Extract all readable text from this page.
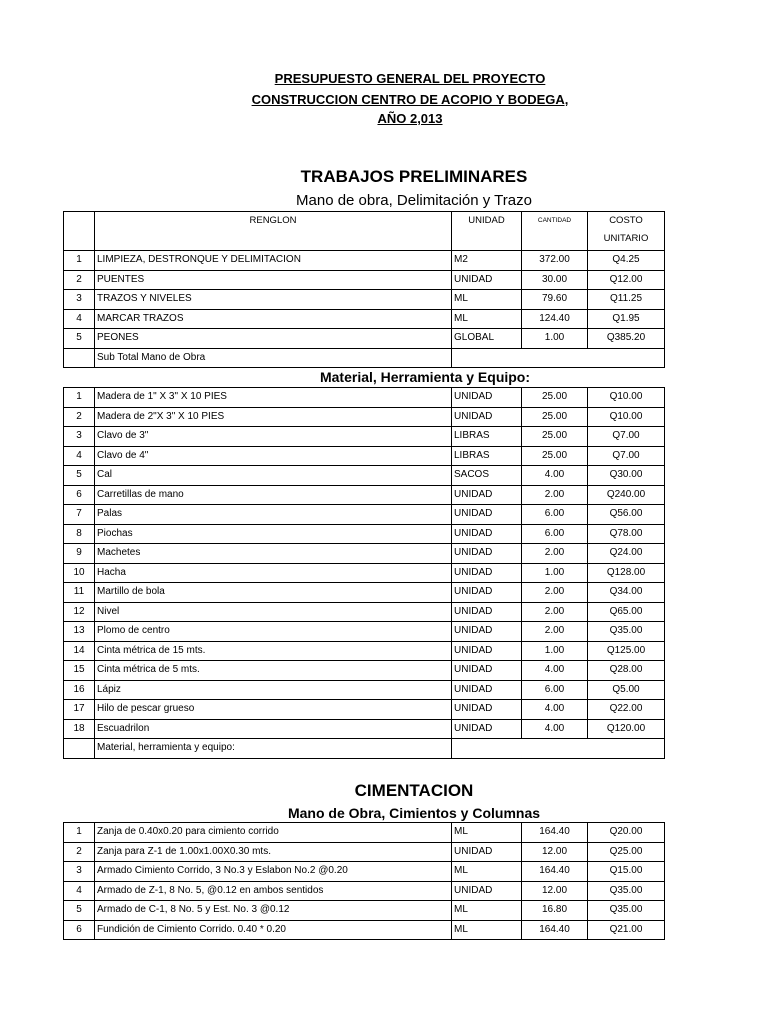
PRESUPUESTO GENERAL DEL PROYECTO
CONSTRUCCION CENTRO DE ACOPIO Y BODEGA,
AÑO 2,013
TRABAJOS PRELIMINARES
Mano de obra, Delimitación y Trazo
	RENGLON	UNIDAD	CANTIDAD	COSTO
UNITARIO
1	LIMPIEZA, DESTRONQUE Y DELIMITACION	M2	372.00	Q4.25
2	PUENTES	UNIDAD	30.00	Q12.00
3	TRAZOS Y NIVELES	ML	79.60	Q11.25
4	MARCAR TRAZOS	ML	124.40	Q1.95
5	PEONES	GLOBAL	1.00	Q385.20
	Sub Total Mano de Obra			
Material, Herramienta y Equipo:
1	Madera de 1" X 3" X 10 PIES	UNIDAD	25.00	Q10.00
2	Madera de 2"X 3" X 10 PIES	UNIDAD	25.00	Q10.00
3	Clavo de 3"	LIBRAS	25.00	Q7.00
4	Clavo de 4"	LIBRAS	25.00	Q7.00
5	Cal	SACOS	4.00	Q30.00
6	Carretillas de mano	UNIDAD	2.00	Q240.00
7	Palas	UNIDAD	6.00	Q56.00
8	Piochas	UNIDAD	6.00	Q78.00
9	Machetes	UNIDAD	2.00	Q24.00
10	Hacha	UNIDAD	1.00	Q128.00
11	Martillo de bola	UNIDAD	2.00	Q34.00
12	Nivel	UNIDAD	2.00	Q65.00
13	Plomo de centro	UNIDAD	2.00	Q35.00
14	Cinta métrica de 15 mts.	UNIDAD	1.00	Q125.00
15	Cinta métrica de 5 mts.	UNIDAD	4.00	Q28.00
16	Lápiz	UNIDAD	6.00	Q5.00
17	Hilo de pescar grueso	UNIDAD	4.00	Q22.00
18	Escuadrilon	UNIDAD	4.00	Q120.00
	Material, herramienta y equipo:			
CIMENTACION
Mano de Obra, Cimientos y Columnas
1	Zanja de 0.40x0.20 para cimiento corrido	ML	164.40	Q20.00
2	Zanja para Z-1 de 1.00x1.00X0.30 mts.	UNIDAD	12.00	Q25.00
3	Armado Cimiento Corrido, 3 No.3 y Eslabon No.2 @0.20	ML	164.40	Q15.00
4	Armado de Z-1, 8 No. 5, @0.12 en ambos sentidos	UNIDAD	12.00	Q35.00
5	Armado de C-1, 8 No. 5 y Est. No. 3 @0.12	ML	16.80	Q35.00
6	Fundición de Cimiento Corrido. 0.40 * 0.20	ML	164.40	Q21.00
